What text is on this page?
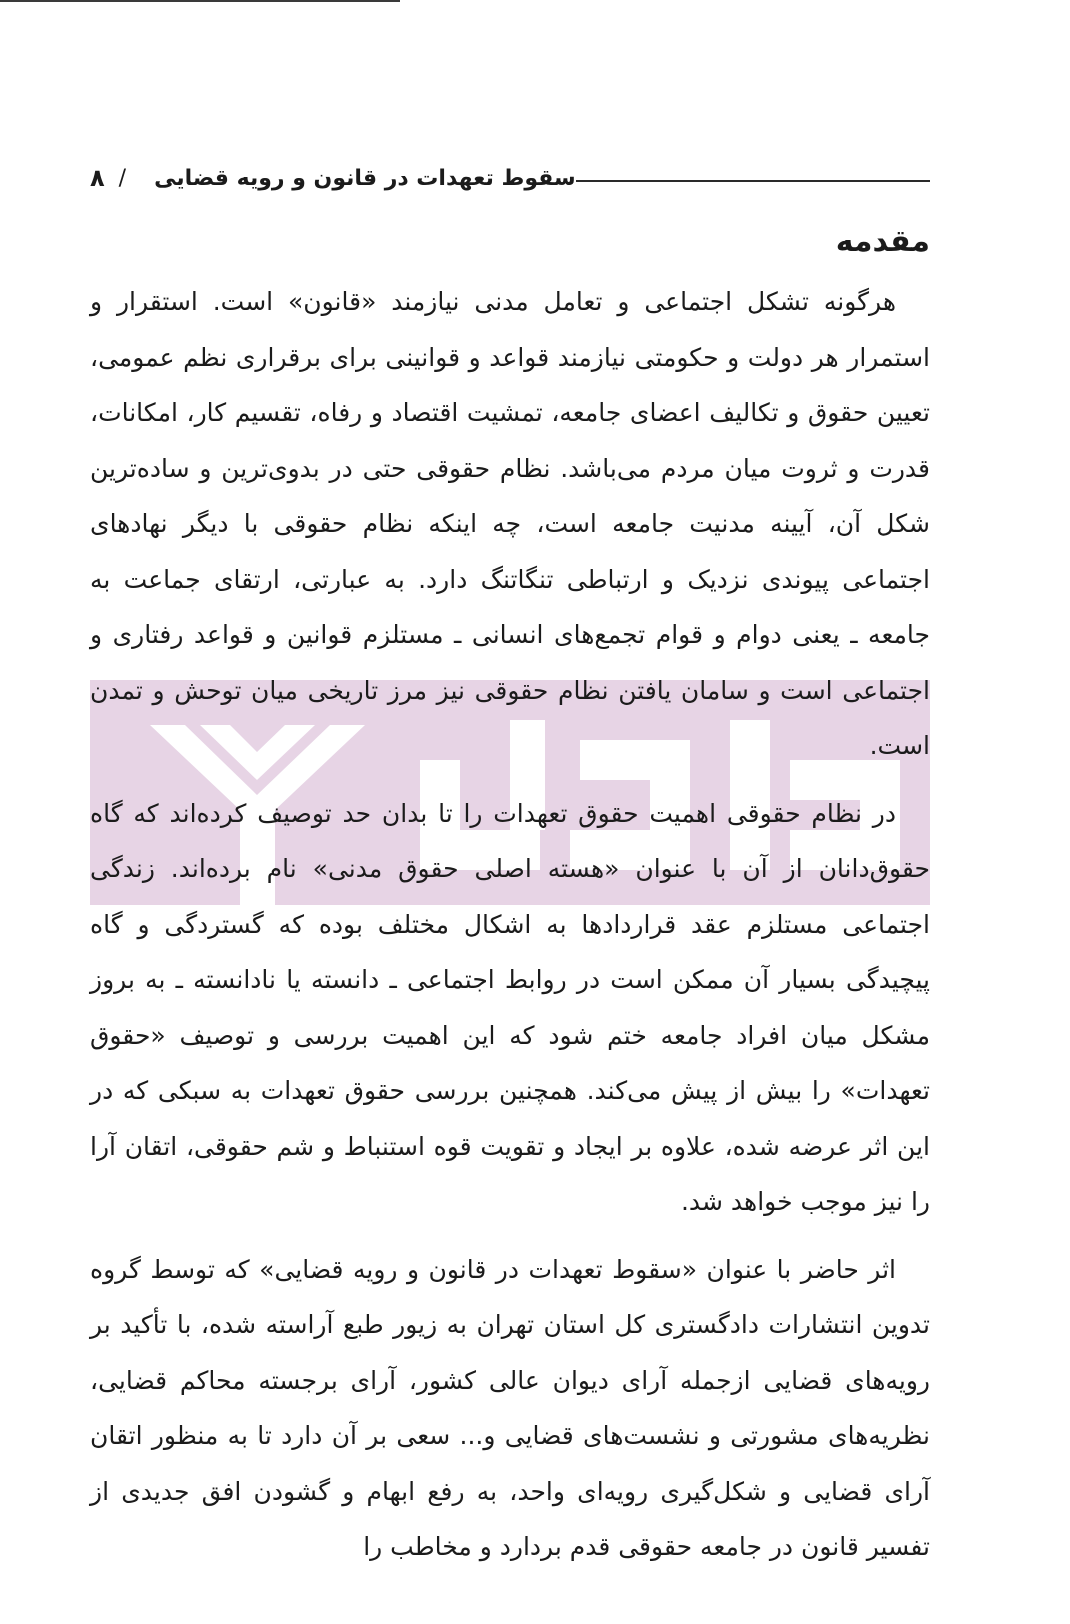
۸ / سقوط تعهدات در قانون و رویه قضایی
مقدمه

هرگونه تشکل اجتماعی و تعامل مدنی نیازمند «قانون» است. استقرار و استمرار هر دولت و حکومتی نیازمند قواعد و قوانینی برای برقراری نظم عمومی، تعیین حقوق و تکالیف اعضای جامعه، تمشیت اقتصاد و رفاه، تقسیم کار، امکانات، قدرت و ثروت میان مردم می‌باشد. نظام حقوقی حتی در بدوی‌ترین و ساده‌ترین شکل آن، آیینه مدنیت جامعه است، چه اینکه نظام حقوقی با دیگر نهادهای اجتماعی پیوندی نزدیک و ارتباطی تنگاتنگ دارد. به عبارتی، ارتقای جماعت به جامعه ـ یعنی دوام و قوام تجمع‌های انسانی ـ مستلزم قوانین و قواعد رفتاری و اجتماعی است و سامان یافتن نظام حقوقی نیز مرز تاریخی میان توحش و تمدن است.

در نظام حقوقی اهمیت حقوق تعهدات را تا بدان حد توصیف کرده‌اند که گاه حقوق‌دانان از آن با عنوان «هسته اصلی حقوق مدنی» نام برده‌اند. زندگی اجتماعی مستلزم عقد قراردادها به اشکال مختلف بوده که گستردگی و گاه پیچیدگی بسیار آن ممکن است در روابط اجتماعی ـ دانسته یا نادانسته ـ به بروز مشکل میان افراد جامعه ختم شود که این اهمیت بررسی و توصیف «حقوق تعهدات» را بیش از پیش می‌کند. همچنین بررسی حقوق تعهدات به سبکی که در این اثر عرضه شده، علاوه بر ایجاد و تقویت قوه استنباط و شم حقوقی، اتقان آرا را نیز موجب خواهد شد.

اثر حاضر با عنوان «سقوط تعهدات در قانون و رویه قضایی» که توسط گروه تدوین انتشارات دادگستری کل استان تهران به زیور طبع آراسته شده، با تأکید بر رویه‌های قضایی ازجمله آرای دیوان عالی کشور، آرای برجسته محاکم قضایی، نظریه‌های مشورتی و نشست‌های قضایی و... سعی بر آن دارد تا به منظور اتقان آرای قضایی و شکل‌گیری رویه‌ای واحد، به رفع ابهام و گشودن افق جدیدی از تفسیر قانون در جامعه حقوقی قدم بردارد و مخاطب را
